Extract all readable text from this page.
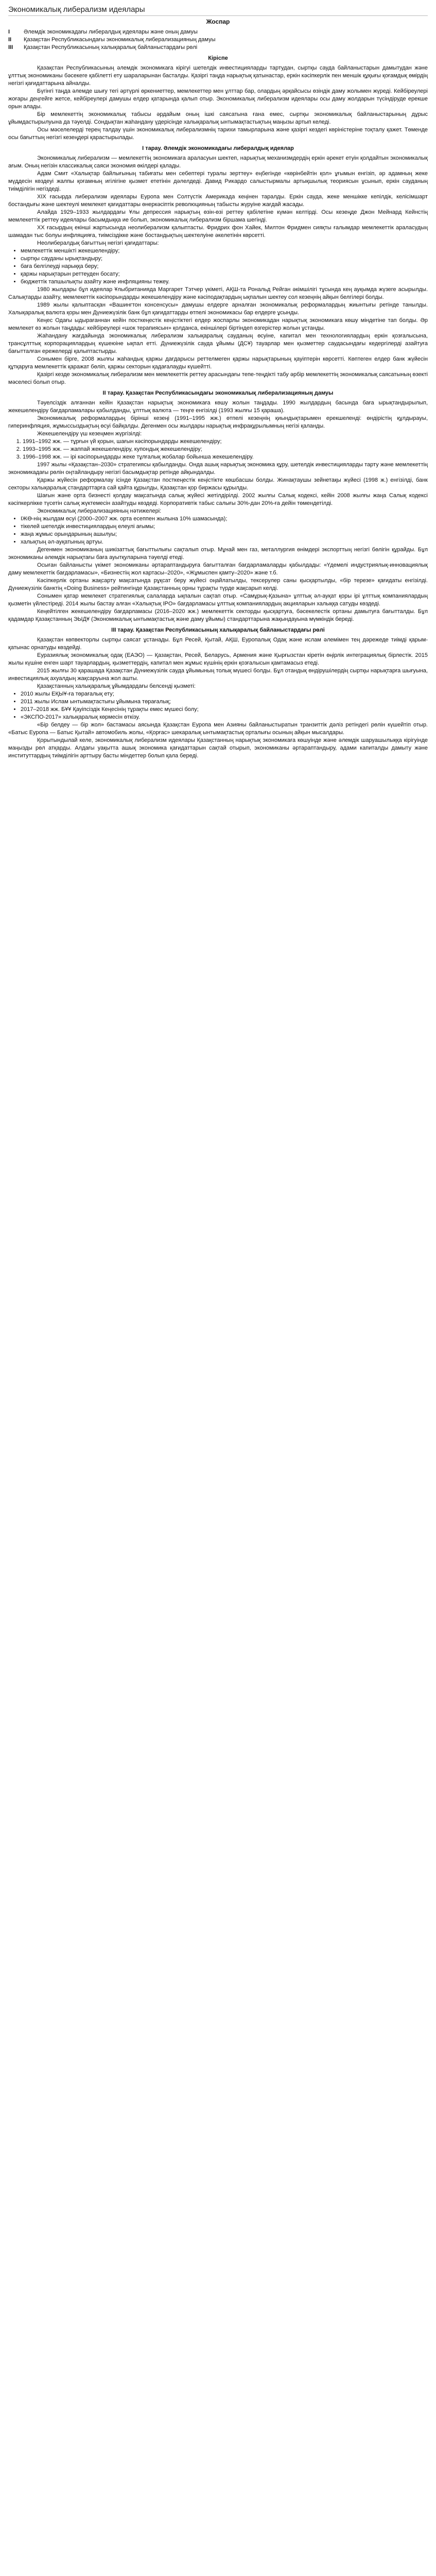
Экономикалық либерализм идеялары
Жоспар
I	Әлемдік экономикадағы либералдық идеялары және оның дамуы
II	Қазақстан Республикасындағы экономикалық либерализацияның дамуы
III	Қазақстан Республикасының халықаралық байланыстардағы рөлі

Кіріспе

Қазақстан Республикасының әлемдік экономикаға кірігуі шетелдік инвестицияларды тартудан, сыртқы сауда байланыстарын дамытудан және ұлттық экономиканы бәсекеге қабілетті ету шараларынан басталды. Қазіргі таңда нарықтық қатынастар, еркін кәсіпкерлік пен меншік құқығы қоғамдық өмірдің негізгі қағидаттарына айналды.

Бүгінгі таңда әлемде шығу тегі әртүрлі өркениеттер, мемлекеттер мен ұлттар бар, олардың әрқайсысы өзіндік даму жолымен жүреді. Кейбіреулері жоғары деңгейге жетсе, кейбіреулері дамушы елдер қатарында қалып отыр. Экономикалық либерализм идеялары осы даму жолдарын түсіндіруде ерекше орын алады.

Бір мемлекеттің экономикалық табысы әрдайым оның ішкі саясатына ғана емес, сыртқы экономикалық байланыстарының дұрыс ұйымдастырылуына да тәуелді. Сондықтан жаһандану үдерісінде халықаралық ынтымақтастықтың маңызы артып келеді.

Осы мәселелерді терең талдау үшін экономикалық либерализмнің тарихи тамырларына және қазіргі кездегі көріністеріне тоқталу қажет. Төменде осы бағыттың негізгі кезеңдері қарастырылады.

I тарау. Әлемдік экономикадағы либералдық идеялар

Экономикалық либерализм — мемлекеттің экономикаға араласуын шектеп, нарықтық механизмдердің еркін әрекет етуін қолдайтын экономикалық ағым. Оның негізін классикалық саяси экономия өкілдері қалады.

Адам Смит «Халықтар байлығының табиғаты мен себептері туралы зерттеу» еңбегінде «көрінбейтін қол» ұғымын енгізіп, әр адамның жеке мүддесін көздеуі жалпы қоғамның игілігіне қызмет ететінін дәлелдеді. Давид Рикардо салыстырмалы артықшылық теориясын ұсынып, еркін сауданың тиімділігін негіздеді.

XIX ғасырда либерализм идеялары Еуропа мен Солтүстік Америкада кеңінен таралды. Еркін сауда, жеке меншікке кепілдік, келісімшарт бостандығы және шектеулі мемлекет қағидаттары өнеркәсіптік революцияның табысты жүруіне жағдай жасады.

Алайда 1929–1933 жылдардағы Ұлы депрессия нарықтың өзін-өзі реттеу қабілетіне күмән келтірді. Осы кезеңде Джон Мейнард Кейнстің мемлекеттік реттеу идеялары басымдыққа ие болып, экономикалық либерализм біршама шегінді.

ХХ ғасырдың екінші жартысында неолиберализм қалыптасты. Фридрих фон Хайек, Милтон Фридмен сияқты ғалымдар мемлекеттік араласудың шамадан тыс болуы инфляцияға, тиімсіздікке және бостандықтың шектелуіне әкелетінін көрсетті.

Неолибералдық бағыттың негізгі қағидаттары:

• мемлекеттік меншікті жекешелендіру;
• сыртқы сауданы ырықтандыру;
• баға белгілеуді нарыққа беру;
• қаржы нарықтарын реттеуден босату;
• бюджеттік тапшылықты азайту және инфляцияны тежеу.

1980 жылдары бұл идеялар Ұлыбританияда Маргарет Тэтчер үкіметі, АҚШ-та Рональд Рейган әкімшілігі тұсында кең ауқымда жүзеге асырылды. Салықтарды азайту, мемлекеттік кәсіпорындарды жекешелендіру және кәсіподақтардың ықпалын шектеу сол кезеңнің айқын белгілері болды.

1989 жылы қалыптасқан «Вашингтон консенсусы» дамушы елдерге арналған экономикалық реформалардың жиынтығы ретінде танылды. Халықаралық валюта қоры мен Дүниежүзілік банк бұл қағидаттарды өтпелі экономикасы бар елдерге ұсынды.

Кеңес Одағы ыдырағаннан кейін посткеңестік кеңістіктегі елдер жоспарлы экономикадан нарықтық экономикаға көшу міндетіне тап болды. Әр мемлекет өз жолын таңдады: кейбіреулері «шок терапиясын» қолданса, екіншілері біртіндеп өзгерістер жолын ұстанды.

Жаһандану жағдайында экономикалық либерализм халықаралық сауданың өсуіне, капитал мен технологиялардың еркін қозғалысына, трансұлттық корпорациялардың күшеюіне ықпал етті. Дүниежүзілік сауда ұйымы (ДСҰ) тауарлар мен қызметтер саудасындағы кедергілерді азайтуға бағытталған ережелерді қалыптастырды.

Сонымен бірге, 2008 жылғы жаһандық қаржы дағдарысы реттелмеген қаржы нарықтарының қауіптерін көрсетті. Көптеген елдер банк жүйесін құтқаруға мемлекеттік қаражат бөліп, қаржы секторын қадағалауды күшейтті.

Қазіргі кезде экономикалық либерализм мен мемлекеттік реттеу арасындағы тепе-теңдікті табу әрбір мемлекеттің экономикалық саясатының өзекті мәселесі болып отыр.

II тарау. Қазақстан Республикасындағы экономикалық либерализацияның дамуы

Тәуелсіздік алғаннан кейін Қазақстан нарықтық экономикаға көшу жолын таңдады. 1990 жылдардың басында баға ырықтандырылып, жекешелендіру бағдарламалары қабылданды, ұлттық валюта — теңге енгізілді (1993 жылғы 15 қараша).

Экономикалық реформалардың бірінші кезеңі (1991–1995 жж.) өтпелі кезеңнің қиындықтарымен ерекшеленді: өндірістің құлдырауы, гиперинфляция, жұмыссыздықтың өсуі байқалды. Дегенмен осы жылдары нарықтық инфрақұрылымның негізі қаланды.

Жекешелендіру үш кезеңмен жүргізілді:

1. 1991–1992 жж. — тұрғын үй қорын, шағын кәсіпорындарды жекешелендіру;
2. 1993–1995 жж. — жаппай жекешелендіру, купондық жекешелендіру;
3. 1996–1998 жж. — ірі кәсіпорындарды жеке тұлғалық жобалар бойынша жекешелендіру.

1997 жылы «Қазақстан–2030» стратегиясы қабылданды. Онда ашық нарықтық экономика құру, шетелдік инвестицияларды тарту және мемлекеттің экономикадағы рөлін оңтайландыру негізгі басымдықтар ретінде айқындалды.

Қаржы жүйесін реформалау ісінде Қазақстан посткеңестік кеңістікте көшбасшы болды. Жинақтаушы зейнетақы жүйесі (1998 ж.) енгізілді, банк секторы халықаралық стандарттарға сай қайта құрылды, Қазақстан қор биржасы құрылды.

Шағын және орта бизнесті қолдау мақсатында салық жүйесі жетілдірілді. 2002 жылғы Салық кодексі, кейін 2008 жылғы жаңа Салық кодексі кәсіпкерлікке түсетін салық жүктемесін азайтуды көздеді. Корпоративтік табыс салығы 30%-дан 20%-ға дейін төмендетілді.

Экономикалық либерализацияның нәтижелері:

• ІЖӨ-нің жылдам өсуі (2000–2007 жж. орта есеппен жылына 10% шамасында);
• тікелей шетелдік инвестициялардың елеулі ағымы;
• жаңа жұмыс орындарының ашылуы;
• халықтың әл-ауқатының артуы.

Дегенмен экономиканың шикізаттық бағыттылығы сақталып отыр. Мұнай мен газ, металлургия өнімдері экспорттың негізгі бөлігін құрайды. Бұл экономиканы әлемдік нарықтағы баға ауытқуларына тәуелді етеді.

Осыған байланысты үкімет экономиканы әртараптандыруға бағытталған бағдарламаларды қабылдады: «Үдемелі индустриялық-инновациялық даму мемлекеттік бағдарламасы», «Бизнестің жол картасы–2020», «Жұмыспен қамту–2020» және т.б.

Кәсіпкерлік ортаны жақсарту мақсатында рұқсат беру жүйесі оңайлатылды, тексерулер саны қысқартылды, «бір терезе» қағидаты енгізілді. Дүниежүзілік банктің «Doing Business» рейтингінде Қазақстанның орны тұрақты түрде жақсарып келді.

Сонымен қатар мемлекет стратегиялық салаларда ықпалын сақтап отыр. «Самұрық-Қазына» ұлттық әл-ауқат қоры ірі ұлттық компаниялардың қызметін үйлестіреді. 2014 жылы бастау алған «Халықтық IPO» бағдарламасы ұлттық компаниялардың акцияларын халыққа сатуды көздеді.

Кеңейтілген жекешелендіру бағдарламасы (2016–2020 жж.) мемлекеттік секторды қысқартуға, бәсекелестік ортаны дамытуға бағытталды. Бұл қадамдар Қазақстанның ЭЫДҰ (Экономикалық ынтымақтастық және даму ұйымы) стандарттарына жақындауына мүмкіндік береді.

III тарау. Қазақстан Республикасының халықаралық байланыстардағы рөлі

Қазақстан көпвекторлы сыртқы саясат ұстанады. Бұл Ресей, Қытай, АҚШ, Еуропалық Одақ және ислам әлемімен тең дәрежеде тиімді қарым-қатынас орнатуды көздейді.

Еуразиялық экономикалық одақ (ЕАЭО) — Қазақстан, Ресей, Беларусь, Армения және Қырғызстан кіретін өңірлік интеграциялық бірлестік. 2015 жылы күшіне енген шарт тауарлардың, қызметтердің, капитал мен жұмыс күшінің еркін қозғалысын қамтамасыз етеді.

2015 жылғы 30 қарашада Қазақстан Дүниежүзілік сауда ұйымының толық мүшесі болды. Бұл отандық өндірушілердің сыртқы нарықтарға шығуына, инвестициялық ахуалдың жақсаруына жол ашты.

Қазақстанның халықаралық ұйымдардағы белсенді қызметі:

• 2010 жылы ЕҚЫҰ-ға төрағалық ету;
• 2011 жылы Ислам ынтымақтастығы ұйымына төрағалық;
• 2017–2018 жж. БҰҰ Қауіпсіздік Кеңесінің тұрақты емес мүшесі болу;
• «ЭКСПО-2017» халықаралық көрмесін өткізу.

«Бір белдеу — бір жол» бастамасы аясында Қазақстан Еуропа мен Азияны байланыстыратын транзиттік дәліз ретіндегі рөлін күшейтіп отыр. «Батыс Еуропа — Батыс Қытай» автомобиль жолы, «Қорғас» шекаралық ынтымақтастық орталығы осының айқын мысалдары.

Қорытындылай келе, экономикалық либерализм идеялары Қазақстанның нарықтық экономикаға көшуінде және әлемдік шаруашылыққа кірігуінде маңызды рөл атқарды. Алдағы уақытта ашық экономика қағидаттарын сақтай отырып, экономиканы әртараптандыру, адами капиталды дамыту және институттардың тиімділігін арттыру басты міндеттер болып қала береді.
